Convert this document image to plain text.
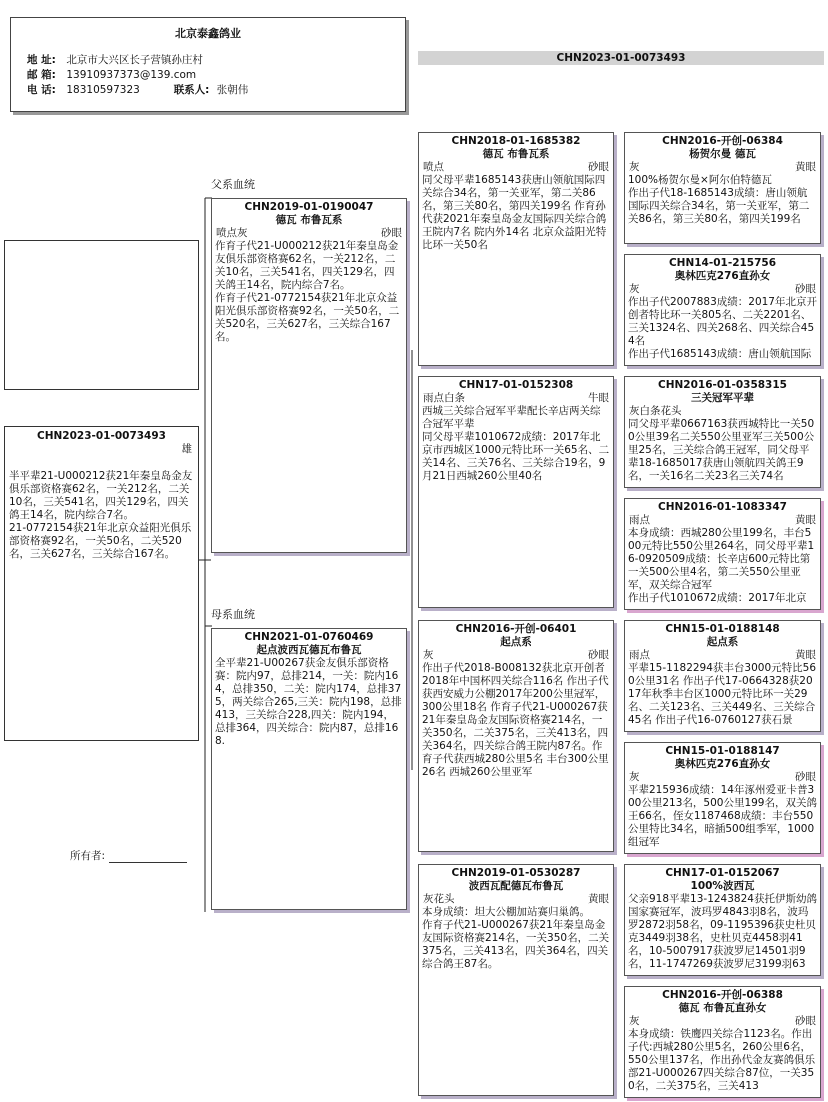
北京泰鑫鸽业
地 址: 北京市大兴区长子营镇孙庄村
邮 箱: 13910937373@139.com
电 话: 18310597323	联系人: 张朝伟
CHN2023-01-0073493
父系血统
母系血统
CHN2023-01-0073493
雄
半平辈21-U000212获21年秦皇岛金友俱乐部资格赛62名，一关212名，二关10名，三关541名，四关129名，四关鸽王14名，院内综合7名。
21-0772154获21年北京众益阳光俱乐部资格赛92名，一关50名，二关520名，三关627名，三关综合167名。
所有者:
CHN2019-01-0190047
德瓦 布鲁瓦系
喷点灰	砂眼
作育子代21-U000212获21年秦皇岛金友俱乐部资格赛62名，一关212名，二关10名，三关541名，四关129名，四关鸽王14名，院内综合7名。
作育子代21-0772154获21年北京众益阳光俱乐部资格赛92名，一关50名，二关520名，三关627名，三关综合167名。
CHN2021-01-0760469
起点波西瓦德瓦布鲁瓦
全平辈21-U00267获金友俱乐部资格赛：院内97，总排214，一关：院内164，总排350，二关：院内174，总排375，两关综合265,三关：院内198，总排413，三关综合228,四关：院内194，总排364，四关综合：院内87，总排168.
CHN2018-01-1685382
德瓦 布鲁瓦系
喷点	砂眼
同父母平辈1685143获唐山领航国际四关综合34名，第一关亚军，第二关86名，第三关80名，第四关199名 作育孙代获2021年秦皇岛金友国际四关综合鸽王院内7名 院内外14名 北京众益阳光特比环一关50名
CHN17-01-0152308
雨点白条	牛眼
西城三关综合冠军平辈配长辛店两关综合冠军平辈
同父母平辈1010672成绩：2017年北京市西城区1000元特比环一关65名、二关14名、三关76名、三关综合19名，9月21日西城260公里40名
CHN2016-开创-06401
起点系
灰	砂眼
作出子代2018-B008132获北京开创者2018年中国杯四关综合116名 作出子代获西安威力公棚2017年200公里冠军，300公里18名 作育子代21-U000267获21年秦皇岛金友国际资格赛214名，一关350名，二关375名，三关413名，四关364名，四关综合鸽王院内87名。作育子代获西城280公里5名 丰台300公里26名 西城260公里亚军
CHN2019-01-0530287
波西瓦配德瓦布鲁瓦
灰花头	黄眼
本身成绩：坦大公棚加站赛归巢鸽。
作育子代21-U000267获21年秦皇岛金友国际资格赛214名，一关350名，二关375名，三关413名，四关364名，四关综合鸽王87名。
CHN2016-开创-06384
杨贺尔曼 德瓦
灰	黄眼
100%杨贺尔曼×阿尔伯特德瓦
作出子代18-1685143成绩：唐山领航国际四关综合34名，第一关亚军，第二关86名，第三关80名，第四关199名
CHN14-01-215756
奥林匹克276直孙女
灰	砂眼
作出子代2007883成绩：2017年北京开创者特比环一关805名、二关2201名、三关1324名、四关268名、四关综合454名
作出子代1685143成绩：唐山领航国际
CHN2016-01-0358315
三关冠军平辈
灰白条花头
同父母平辈0667163获西城特比一关500公里39名二关550公里亚军三关500公里25名，三关综合鸽王冠军，同父母平辈18-1685017获唐山领航四关鸽王9名，一关16名二关23名三关74名
CHN2016-01-1083347
雨点	黄眼
本身成绩：西城280公里199名，丰台500元特比550公里264名，同父母平辈16-0920509成绩：长辛店600元特比第一关500公里4名，第二关550公里亚军，双关综合冠军
作出子代1010672成绩：2017年北京
CHN15-01-0188148
起点系
雨点	黄眼
平辈15-1182294获丰台3000元特比560公里31名 作出子代17-0664328获2017年秋季丰台区1000元特比环一关29名、二关123名、三关449名、三关综合45名 作出子代16-0760127获石景
CHN15-01-0188147
奥林匹克276直孙女
灰	砂眼
平辈215936成绩：14年涿州爱亚卡普300公里213名，500公里199名，双关鸽王66名，侄女1187468成绩：丰台550公里特比34名，暗插500组季军，1000组冠军
CHN17-01-0152067
100%波西瓦
父亲918平辈13-1243824获托伊斯幼鸽国家赛冠军，波玛罗4843羽8名，波玛罗2872羽58名，09-1195396获史杜贝克3449羽38名，史杜贝克4458羽41名，10-5007917获波罗尼14501羽9名，11-1747269获波罗尼3199羽63
CHN2016-开创-06388
德瓦 布鲁瓦直孙女
灰	砂眼
本身成绩：铁鹰四关综合1123名。作出子代:西城280公里5名，260公里6名，550公里137名，作出孙代金友赛鸽俱乐部21-U000267四关综合87位，一关350名，二关375名，三关413
